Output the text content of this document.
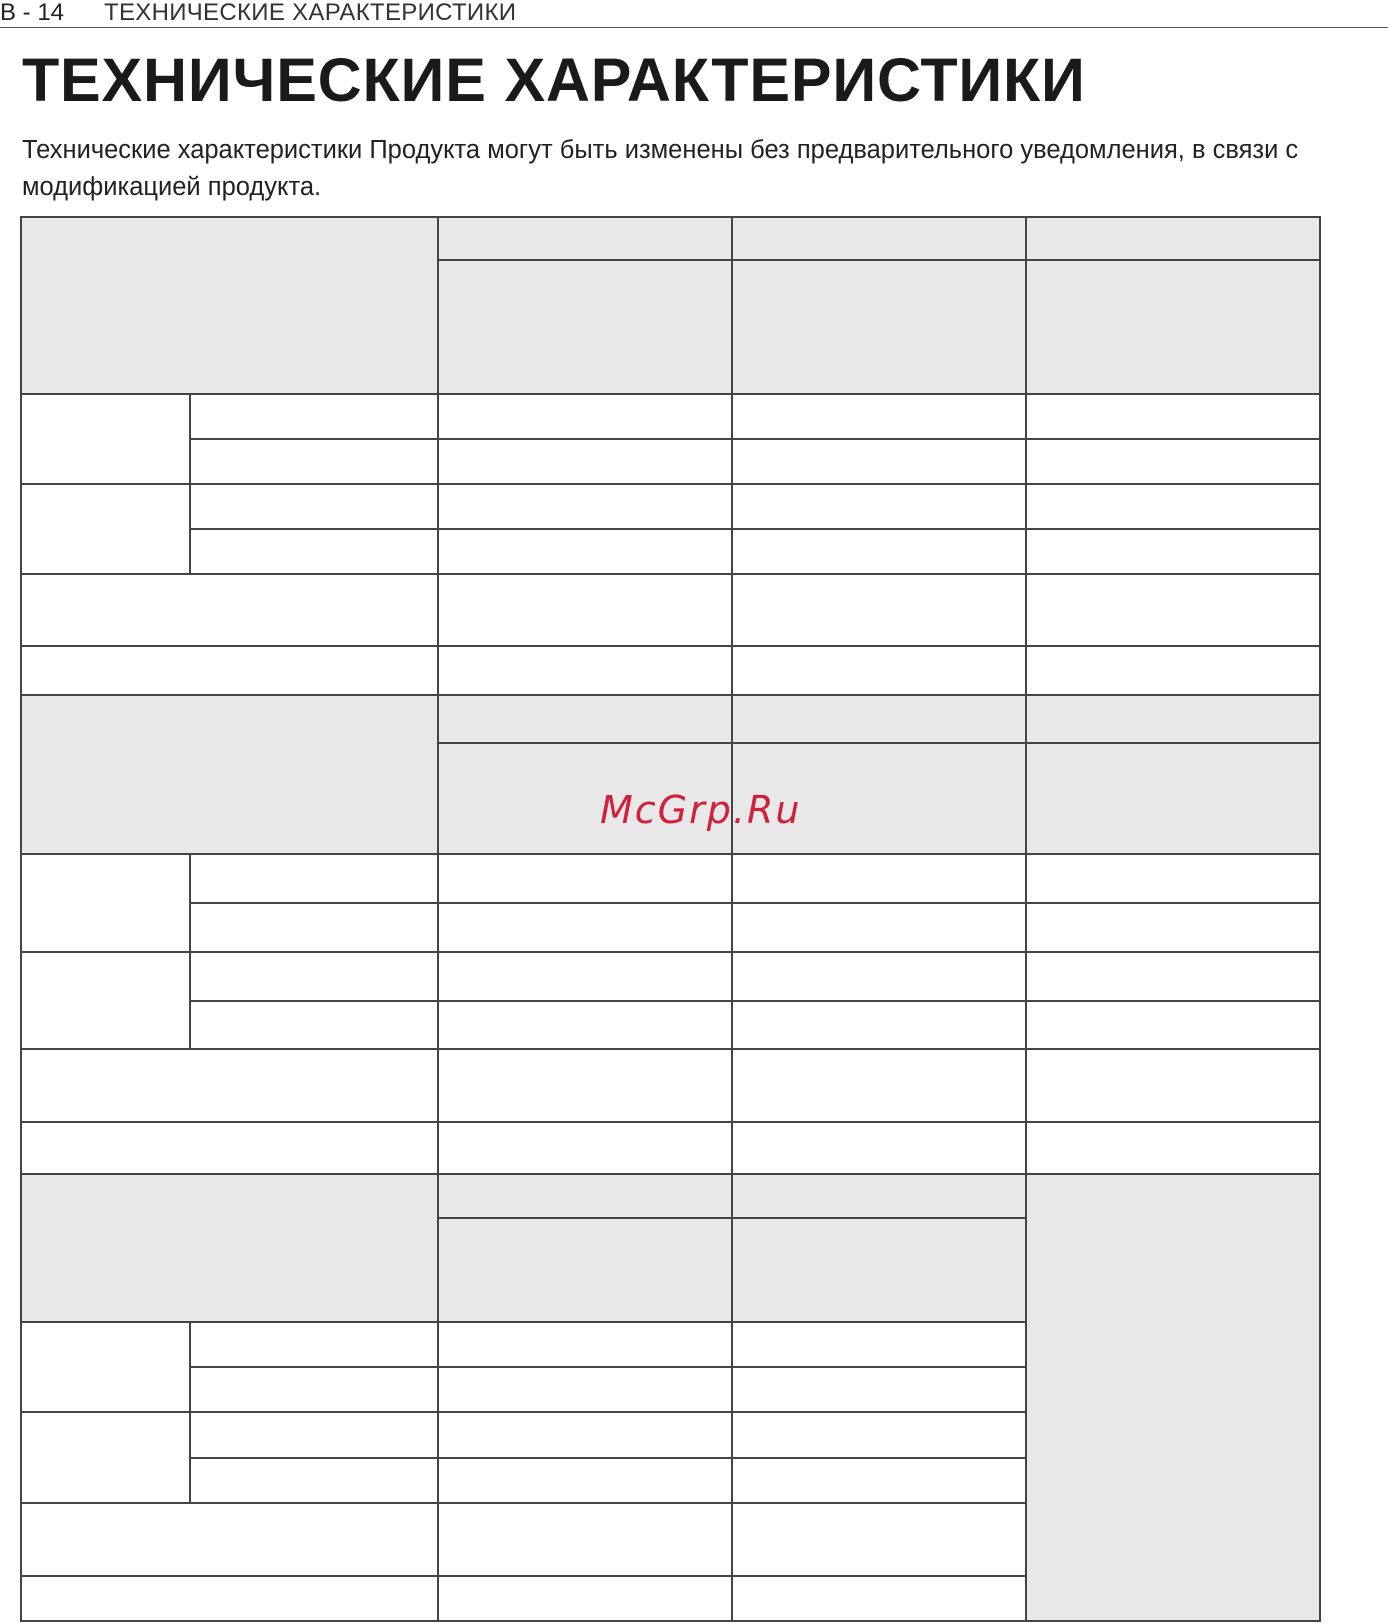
B - 14 ТЕХНИЧЕСКИЕ ХАРАКТЕРИСТИКИ
ТЕХНИЧЕСКИЕ ХАРАКТЕРИСТИКИ

Технические характеристики Продукта могут быть изменены без предварительного уведомления, в связи с модификацией продукта.

McGrp.Ru
